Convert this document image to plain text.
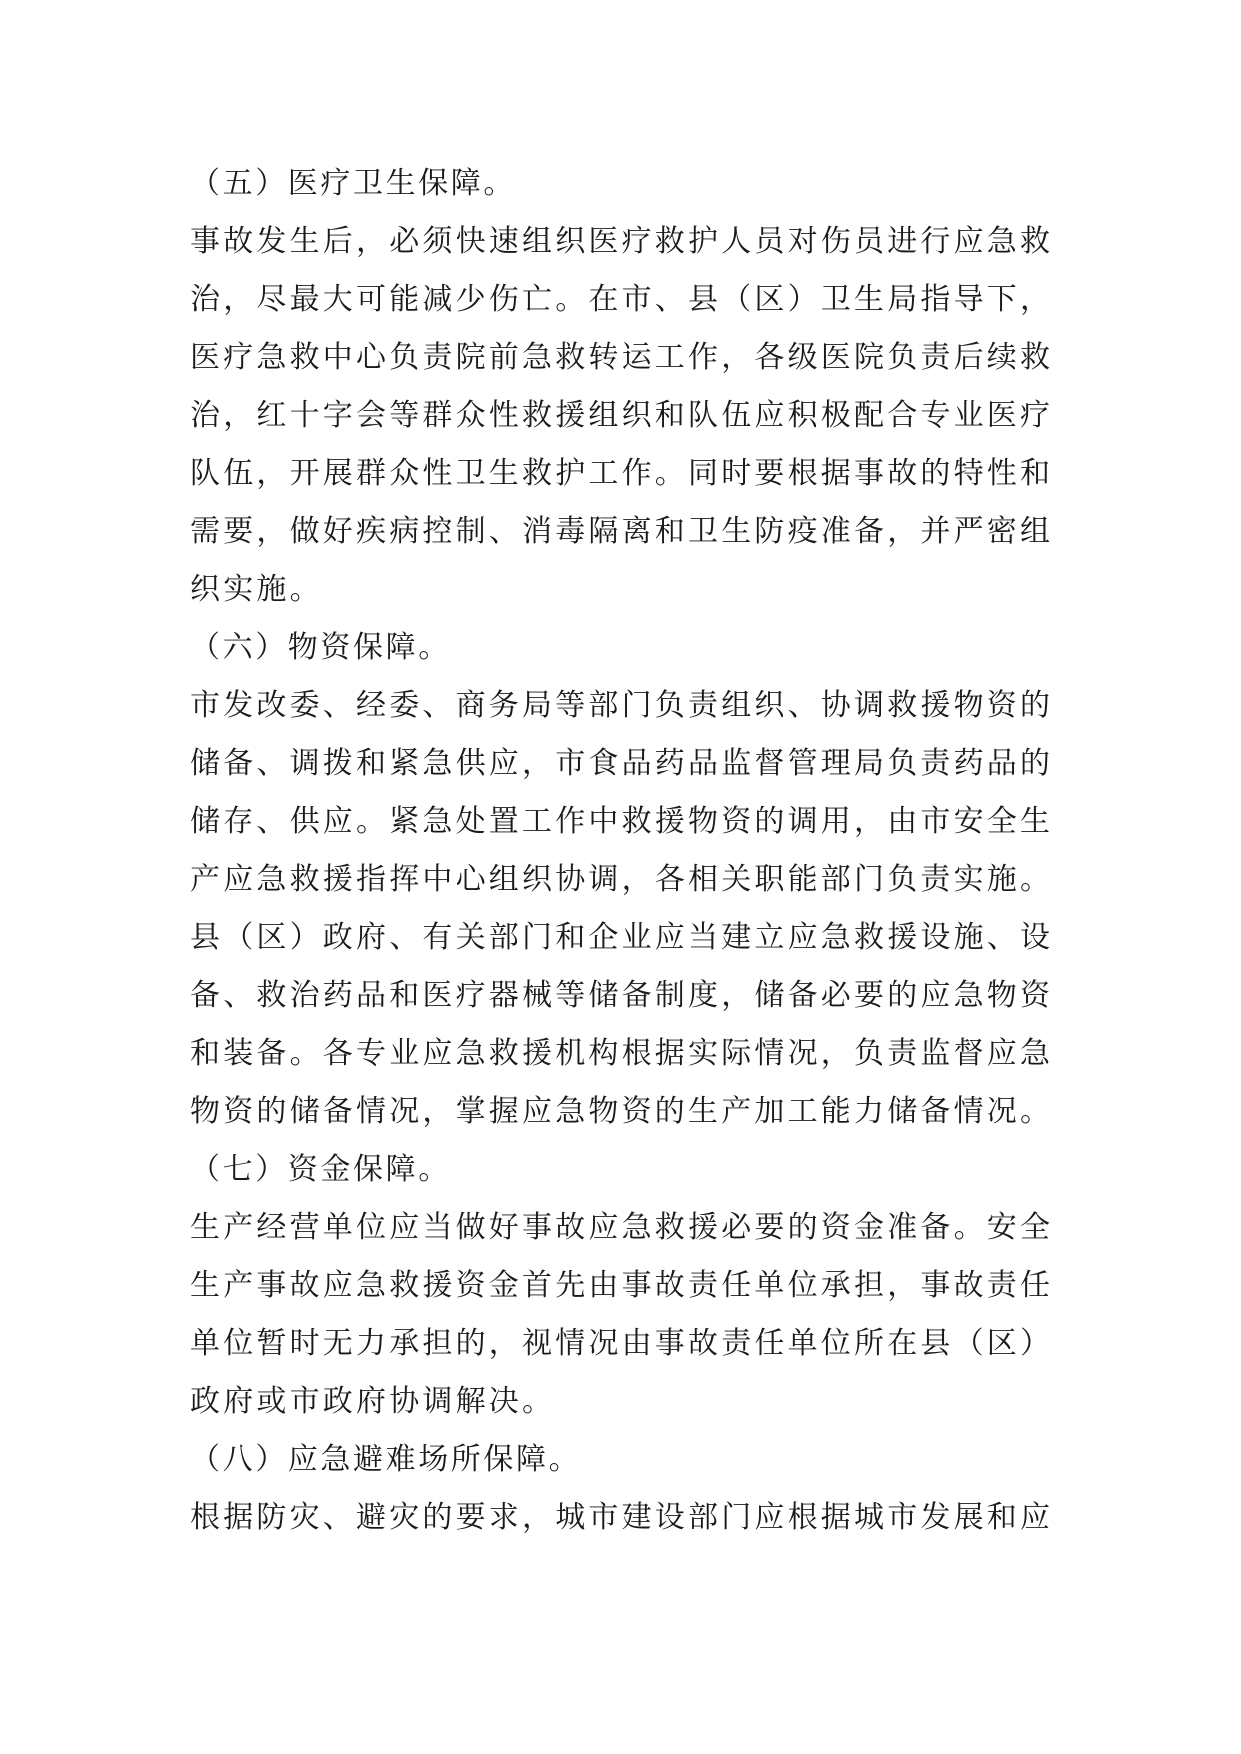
（五）医疗卫生保障。
事故发生后，必须快速组织医疗救护人员对伤员进行应急救
治，尽最大可能减少伤亡。在市、县（区）卫生局指导下，
医疗急救中心负责院前急救转运工作，各级医院负责后续救
治，红十字会等群众性救援组织和队伍应积极配合专业医疗
队伍，开展群众性卫生救护工作。同时要根据事故的特性和
需要，做好疾病控制、消毒隔离和卫生防疫准备，并严密组
织实施。
（六）物资保障。
市发改委、经委、商务局等部门负责组织、协调救援物资的
储备、调拨和紧急供应，市食品药品监督管理局负责药品的
储存、供应。紧急处置工作中救援物资的调用，由市安全生
产应急救援指挥中心组织协调，各相关职能部门负责实施。
县（区）政府、有关部门和企业应当建立应急救援设施、设
备、救治药品和医疗器械等储备制度，储备必要的应急物资
和装备。各专业应急救援机构根据实际情况，负责监督应急
物资的储备情况，掌握应急物资的生产加工能力储备情况。
（七）资金保障。
生产经营单位应当做好事故应急救援必要的资金准备。安全
生产事故应急救援资金首先由事故责任单位承担，事故责任
单位暂时无力承担的，视情况由事故责任单位所在县（区）
政府或市政府协调解决。
（八）应急避难场所保障。
根据防灾、避灾的要求，城市建设部门应根据城市发展和应
